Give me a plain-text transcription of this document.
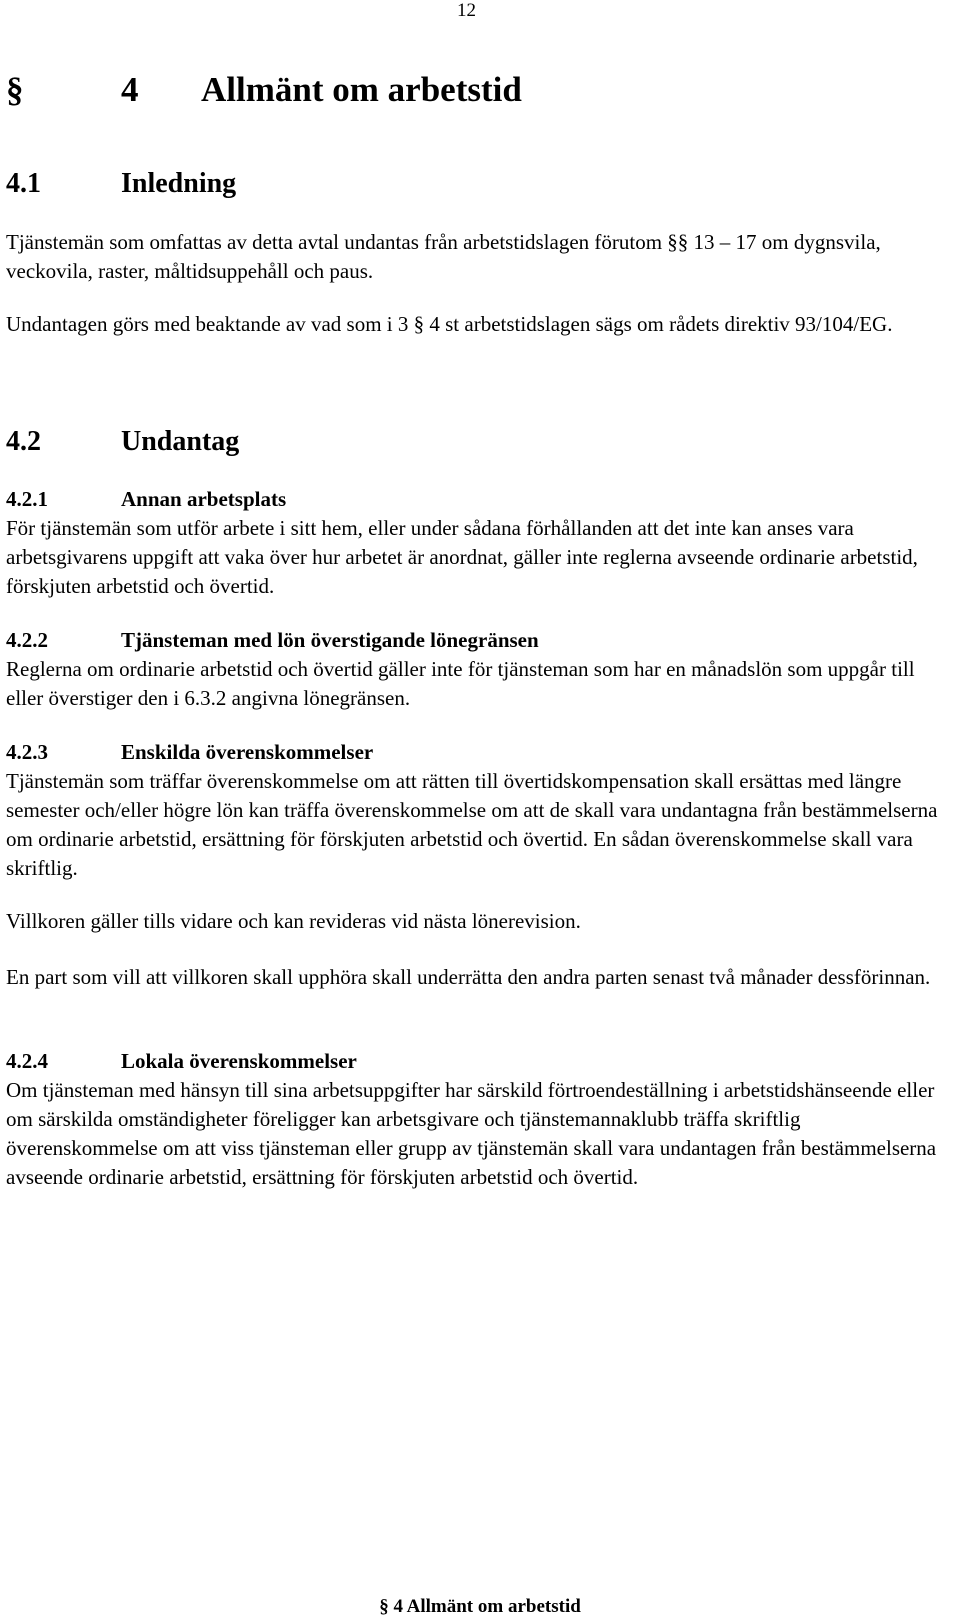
12
§	4 Allmänt om arbetstid
4.1	Inledning

Tjänstemän som omfattas av detta avtal undantas från arbetstidslagen förutom §§ 13 – 17 om dygnsvila, veckovila, raster, måltidsuppehåll och paus.

Undantagen görs med beaktande av vad som i 3 § 4 st arbetstidslagen sägs om rådets direktiv 93/104/EG.

4.2	Undantag
4.2.1	Annan arbetsplats

För tjänstemän som utför arbete i sitt hem, eller under sådana förhållanden att det inte kan anses vara arbetsgivarens uppgift att vaka över hur arbetet är anordnat, gäller inte reglerna avseende ordinarie arbetstid, förskjuten arbetstid och övertid.

4.2.2	Tjänsteman med lön överstigande lönegränsen

Reglerna om ordinarie arbetstid och övertid gäller inte för tjänsteman som har en månadslön som uppgår till eller överstiger den i 6.3.2 angivna lönegränsen.

4.2.3	Enskilda överenskommelser

Tjänstemän som träffar överenskommelse om att rätten till övertidskompensation skall ersättas med längre semester och/eller högre lön kan träffa överenskommelse om att de skall vara undantagna från bestämmelserna om ordinarie arbetstid, ersättning för förskjuten arbetstid och övertid. En sådan överenskommelse skall vara skriftlig.

Villkoren gäller tills vidare och kan revideras vid nästa lönerevision.

En part som vill att villkoren skall upphöra skall underrätta den andra parten senast två månader dessförinnan.

4.2.4	Lokala överenskommelser

Om tjänsteman med hänsyn till sina arbetsuppgifter har särskild förtroendeställning i arbetstidshänseende eller om särskilda omständigheter föreligger kan arbetsgivare och tjänstemannaklubb träffa skriftlig överenskommelse om att viss tjänsteman eller grupp av tjänstemän skall vara undantagen från bestämmelserna avseende ordinarie arbetstid, ersättning för förskjuten arbetstid och övertid.

§ 4 Allmänt om arbetstid
